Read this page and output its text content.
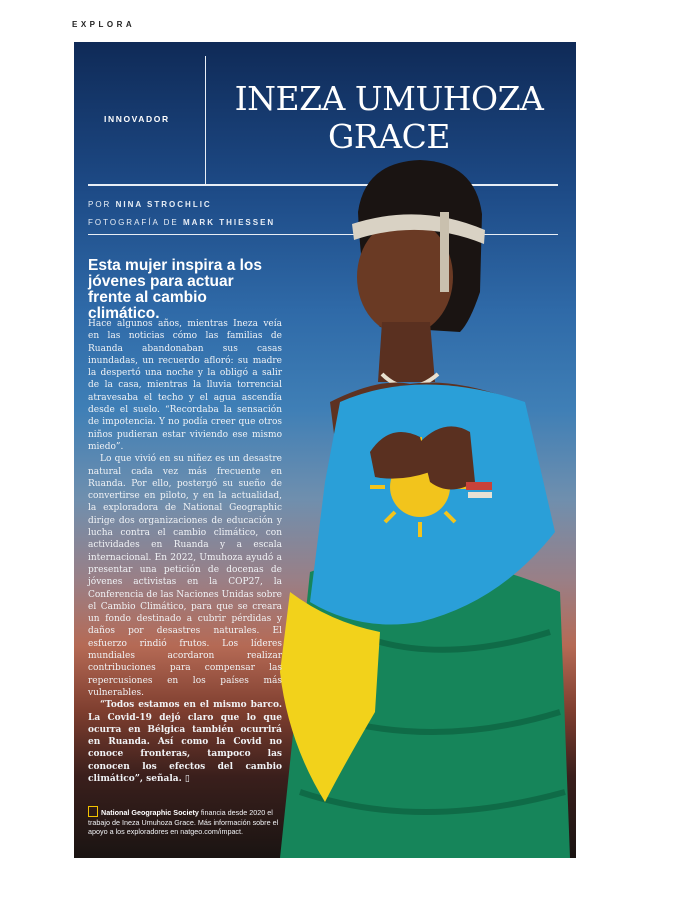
EXPLORA
INNOVADOR
INEZA UMUHOZA
GRACE
POR NINA STROCHLIC
FOTOGRAFÍA DE MARK THIESSEN
Esta mujer inspira a los jóvenes para actuar frente al cambio climático.

Hace algunos años, mientras Ineza veía en las noticias cómo las familias de Ruanda abandonaban sus casas inundadas, un recuerdo afloró: su madre la despertó una noche y la obligó a salir de la casa, mientras la lluvia torrencial atravesaba el techo y el agua ascendía desde el suelo. “Recordaba la sensación de impotencia. Y no podía creer que otros niños pudieran estar viviendo ese mismo miedo”.

Lo que vivió en su niñez es un desastre natural cada vez más frecuente en Ruanda. Por ello, postergó su sueño de convertirse en piloto, y en la actualidad, la exploradora de National Geographic dirige dos organizaciones de educación y lucha contra el cambio climático, con actividades en Ruanda y a escala internacional. En 2022, Umuhoza ayudó a presentar una petición de docenas de jóvenes activistas en la COP27, la Conferencia de las Naciones Unidas sobre el Cambio Climático, para que se creara un fondo destinado a cubrir pérdidas y daños por desastres naturales. El esfuerzo rindió frutos. Los líderes mundiales acordaron realizar contribuciones para compensar las repercusiones en los países más vulnerables.

“Todos estamos en el mismo barco. La Covid-19 dejó claro que lo que ocurra en Bélgica también ocurrirá en Ruanda. Así como la Covid no conoce fronteras, tampoco las conocen los efectos del cambio climático”, señala. ▯

National Geographic Society financia desde 2020 el trabajo de Ineza Umuhoza Grace. Más información sobre el apoyo a los exploradores en natgeo.com/impact.
